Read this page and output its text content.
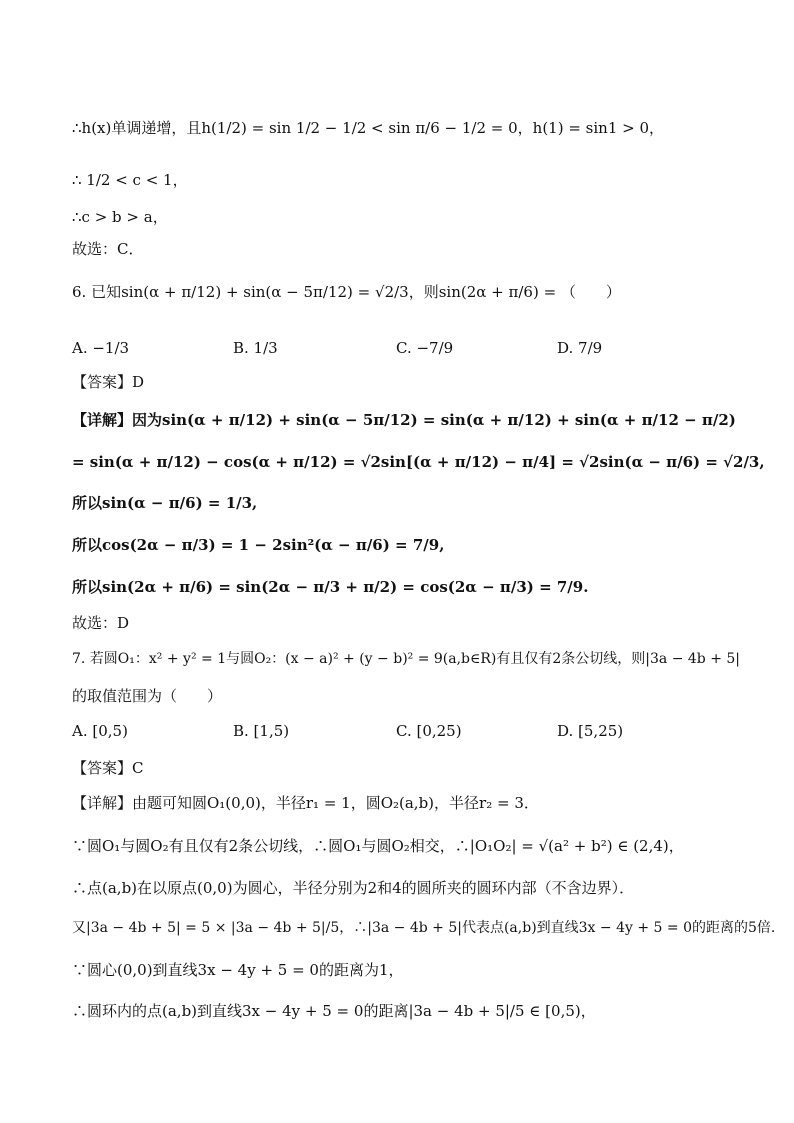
∴h(x)单调递增，且h(1/2) = sin 1/2 − 1/2 < sin π/6 − 1/2 = 0，h(1) = sin1 > 0，
∴ 1/2 < c < 1，
∴c > b > a，
故选：C．
6. 已知sin(α + π/12) + sin(α − 5π/12) = √2/3，则sin(2α + π/6) = （　　）
A. −1/3	B. 1/3	C. −7/9	D. 7/9
【答案】D
【详解】因为sin(α + π/12) + sin(α − 5π/12) = sin(α + π/12) + sin(α + π/12 − π/2)
= sin(α + π/12) − cos(α + π/12) = √2sin[(α + π/12) − π/4] = √2sin(α − π/6) = √2/3,
所以sin(α − π/6) = 1/3,
所以cos(2α − π/3) = 1 − 2sin²(α − π/6) = 7/9,
所以sin(2α + π/6) = sin(2α − π/3 + π/2) = cos(2α − π/3) = 7/9.
故选：D
7. 若圆O₁：x² + y² = 1与圆O₂：(x − a)² + (y − b)² = 9(a,b∈R)有且仅有2条公切线，则|3a − 4b + 5|
的取值范围为（　　）
A. [0,5)	B. [1,5)	C. [0,25)	D. [5,25)
【答案】C
【详解】由题可知圆O₁(0,0)，半径r₁ = 1，圆O₂(a,b)，半径r₂ = 3．
∵圆O₁与圆O₂有且仅有2条公切线，∴圆O₁与圆O₂相交，∴|O₁O₂| = √(a² + b²) ∈ (2,4)，
∴点(a,b)在以原点(0,0)为圆心，半径分别为2和4的圆所夹的圆环内部（不含边界）．
又|3a − 4b + 5| = 5 × |3a − 4b + 5|/5，∴|3a − 4b + 5|代表点(a,b)到直线3x − 4y + 5 = 0的距离的5倍.
∵圆心(0,0)到直线3x − 4y + 5 = 0的距离为1，
∴圆环内的点(a,b)到直线3x − 4y + 5 = 0的距离|3a − 4b + 5|/5 ∈ [0,5)，
